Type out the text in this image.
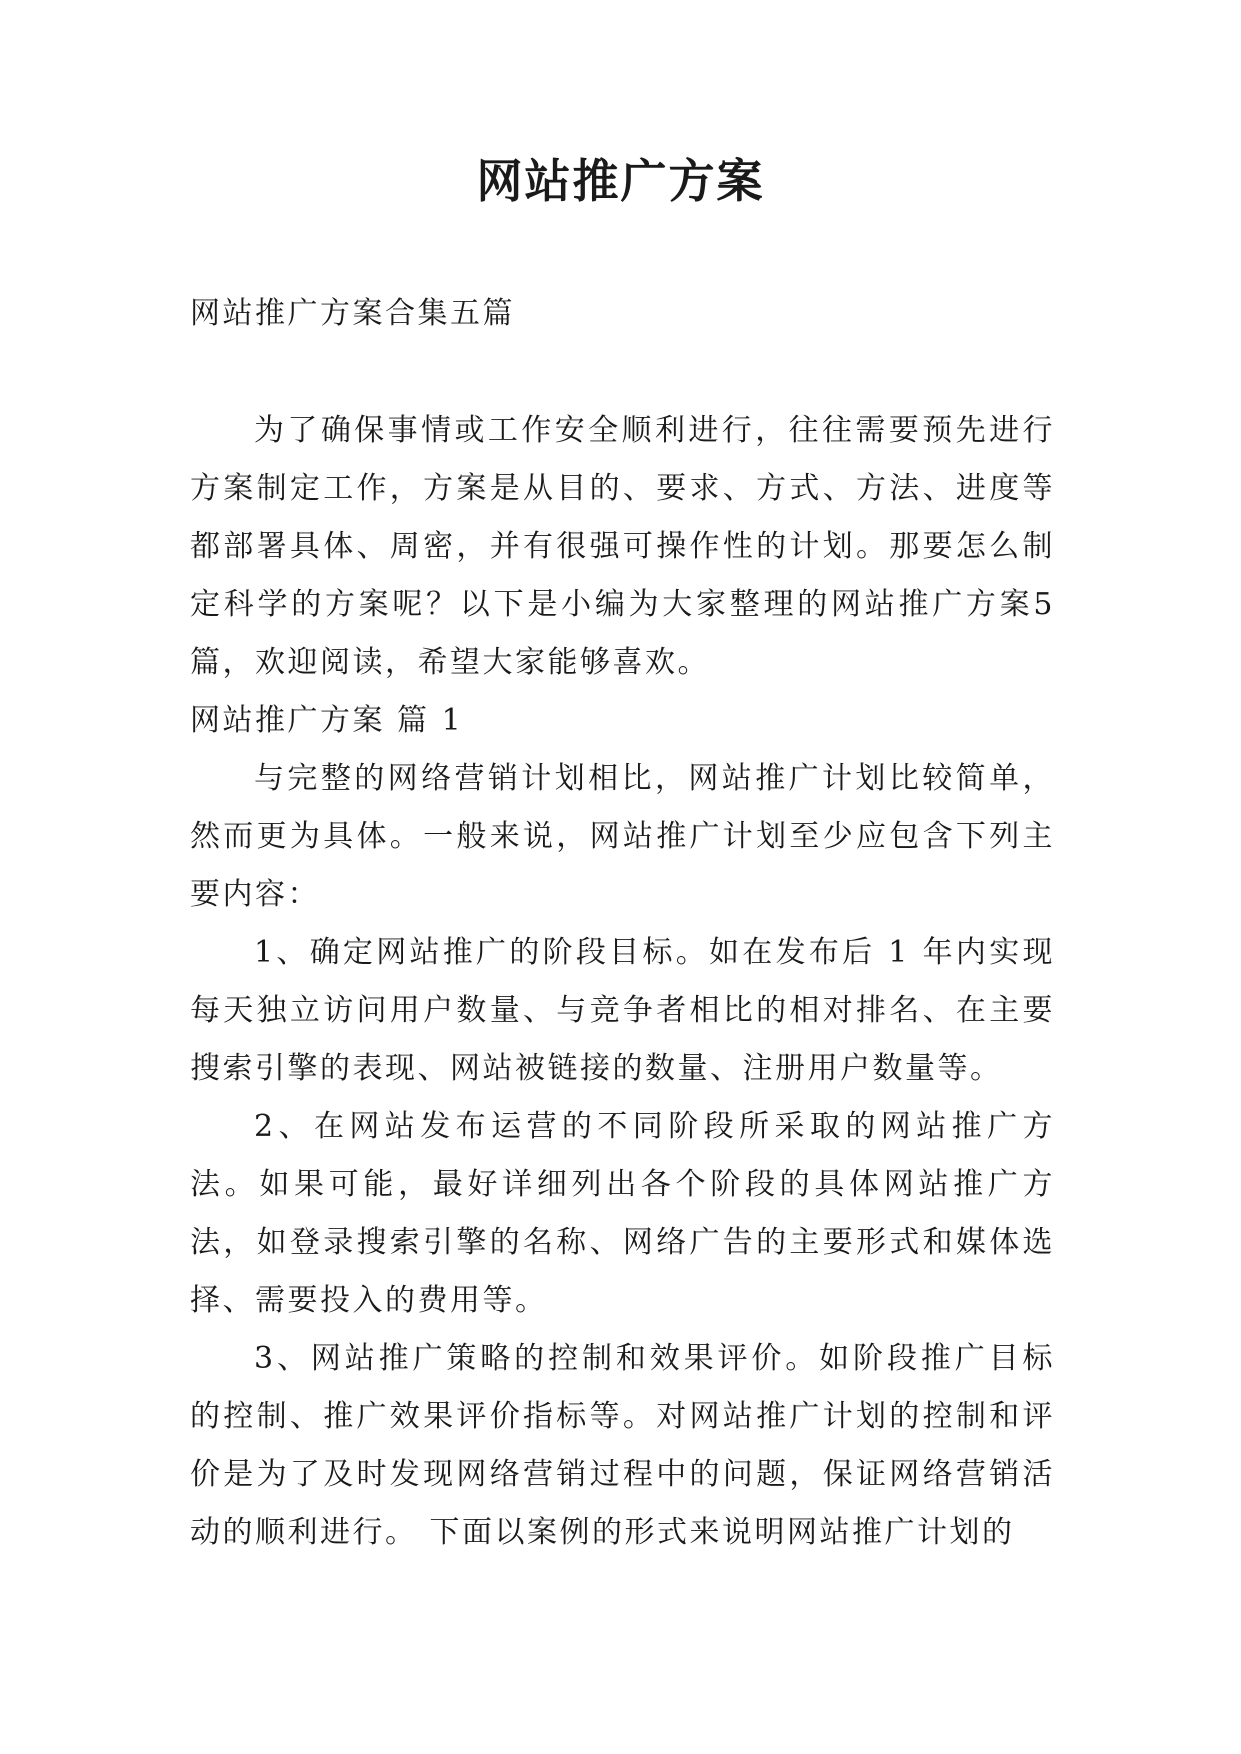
网站推广方案

网站推广方案合集五篇

为了确保事情或工作安全顺利进行，往往需要预先进行方案制定工作，方案是从目的、要求、方式、方法、进度等都部署具体、周密，并有很强可操作性的计划。那要怎么制定科学的方案呢？以下是小编为大家整理的网站推广方案5篇，欢迎阅读，希望大家能够喜欢。

网站推广方案 篇 1

与完整的网络营销计划相比，网站推广计划比较简单，然而更为具体。一般来说，网站推广计划至少应包含下列主要内容：

1、确定网站推广的阶段目标。如在发布后 1 年内实现每天独立访问用户数量、与竞争者相比的相对排名、在主要搜索引擎的表现、网站被链接的数量、注册用户数量等。

2、在网站发布运营的不同阶段所采取的网站推广方法。如果可能，最好详细列出各个阶段的具体网站推广方法，如登录搜索引擎的名称、网络广告的主要形式和媒体选择、需要投入的费用等。

3、网站推广策略的控制和效果评价。如阶段推广目标的控制、推广效果评价指标等。对网站推广计划的控制和评价是为了及时发现网络营销过程中的问题，保证网络营销活动的顺利进行。 下面以案例的形式来说明网站推广计划的
